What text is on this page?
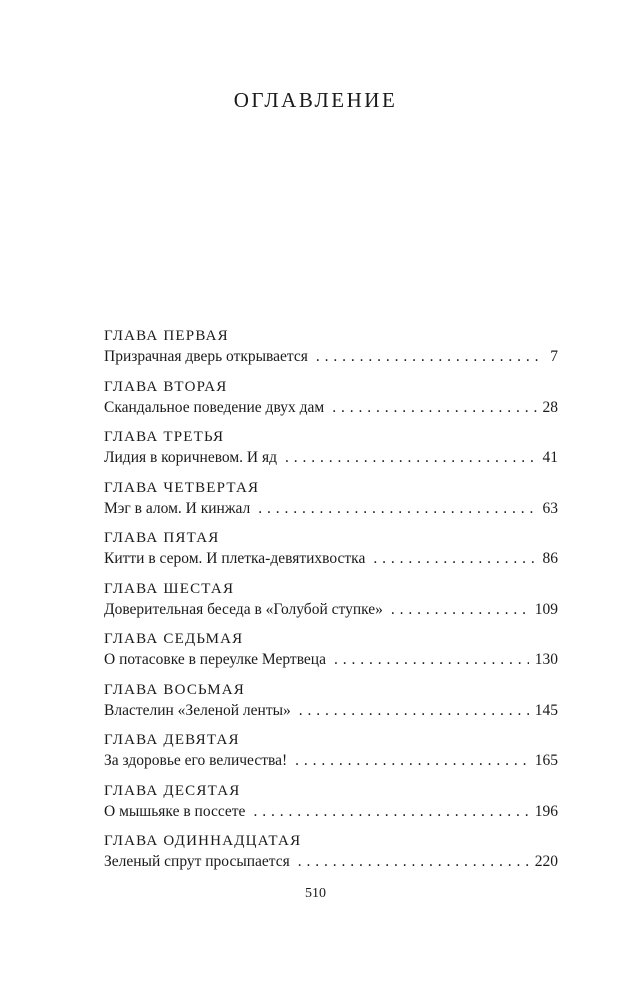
ОГЛАВЛЕНИЕ
ГЛАВА ПЕРВАЯ
Призрачная дверь открывается . . .	7
ГЛАВА ВТОРАЯ
Скандальное поведение двух дам . . .	28
ГЛАВА ТРЕТЬЯ
Лидия в коричневом. И яд . . .	41
ГЛАВА ЧЕТВЕРТАЯ
Мэг в алом. И кинжал . . .	63
ГЛАВА ПЯТАЯ
Китти в сером. И плетка-девятихвостка . . .	86
ГЛАВА ШЕСТАЯ
Доверительная беседа в «Голубой ступке» . . .	109
ГЛАВА СЕДЬМАЯ
О потасовке в переулке Мертвеца . . .	130
ГЛАВА ВОСЬМАЯ
Властелин «Зеленой ленты» . . .	145
ГЛАВА ДЕВЯТАЯ
За здоровье его величества! . . .	165
ГЛАВА ДЕСЯТАЯ
О мышьяке в поссете . . .	196
ГЛАВА ОДИННАДЦАТАЯ
Зеленый спрут просыпается . . .	220
510
